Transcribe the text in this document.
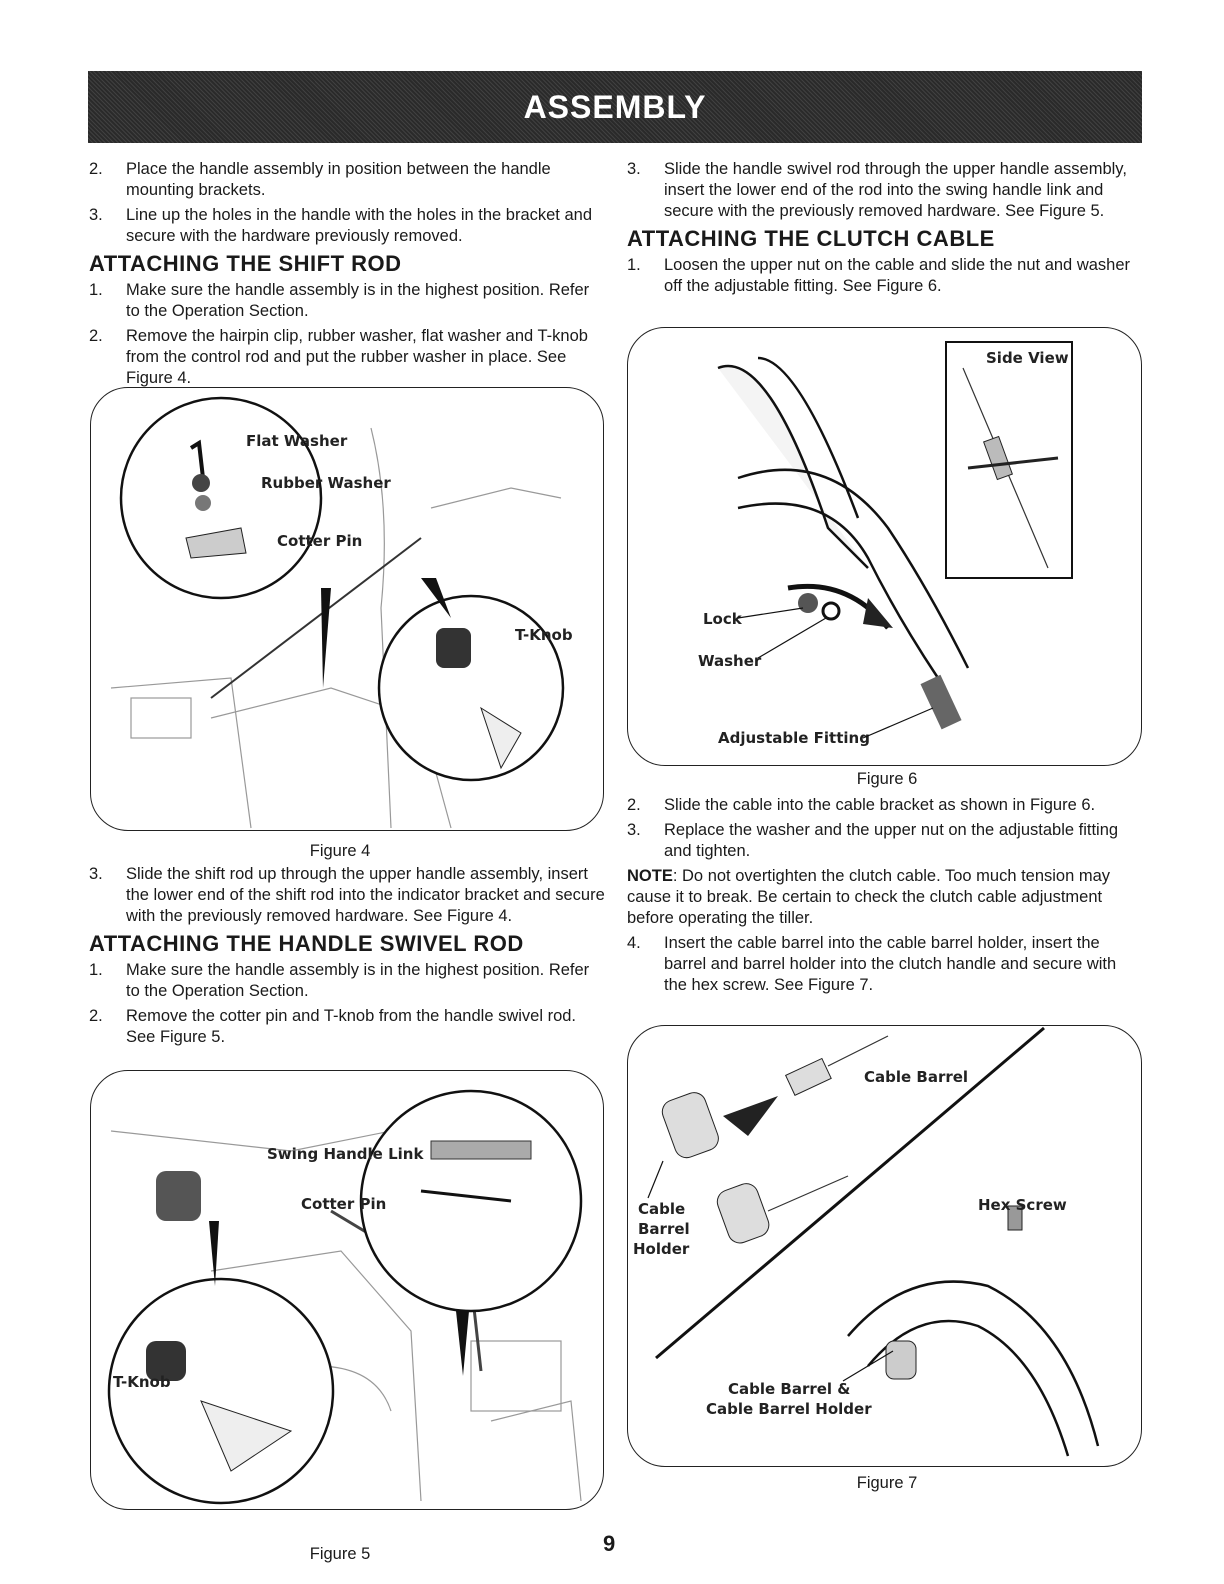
ASSEMBLY
2. Place the handle assembly in position between the handle mounting brackets.

3. Line up the holes in the handle with the holes in the bracket and secure with the hardware previously removed.

ATTACHING THE SHIFT ROD
1. Make sure the handle assembly is in the highest position. Refer to the Operation Section.

2. Remove the hairpin clip, rubber washer, flat washer and T-knob from the control rod and put the rubber washer in place. See Figure 4.

Flat Washer
Rubber Washer
Cotter Pin
T-Knob
Figure 4
3. Slide the shift rod up through the upper handle assembly, insert the lower end of the shift rod into the indicator bracket and secure with the previously removed hardware. See Figure 4.

ATTACHING THE HANDLE SWIVEL ROD
1. Make sure the handle assembly is in the highest position. Refer to the Operation Section.

2. Remove the cotter pin and T-knob from the handle swivel rod. See Figure 5.

Swing Handle Link
Cotter Pin
T-Knob
Figure 5
3. Slide the handle swivel rod through the upper handle assembly, insert the lower end of the rod into the swing handle link and secure with the previously removed hardware. See Figure 5.

ATTACHING THE CLUTCH CABLE
1. Loosen the upper nut on the cable and slide the nut and washer off the adjustable fitting. See Figure 6.

Side View
Lock
Washer
Adjustable Fitting
Figure 6
2. Slide the cable into the cable bracket as shown in Figure 6.

3. Replace the washer and the upper nut on the adjustable fitting and tighten.

NOTE: Do not overtighten the clutch cable. Too much tension may cause it to break. Be certain to check the clutch cable adjustment before operating the tiller.

4. Insert the cable barrel into the cable barrel holder, insert the barrel and barrel holder into the clutch handle and secure with the hex screw. See Figure 7.

Cable Barrel
Cable
Barrel
Holder
Hex Screw
Cable Barrel &
Cable Barrel Holder
Figure 7
9
